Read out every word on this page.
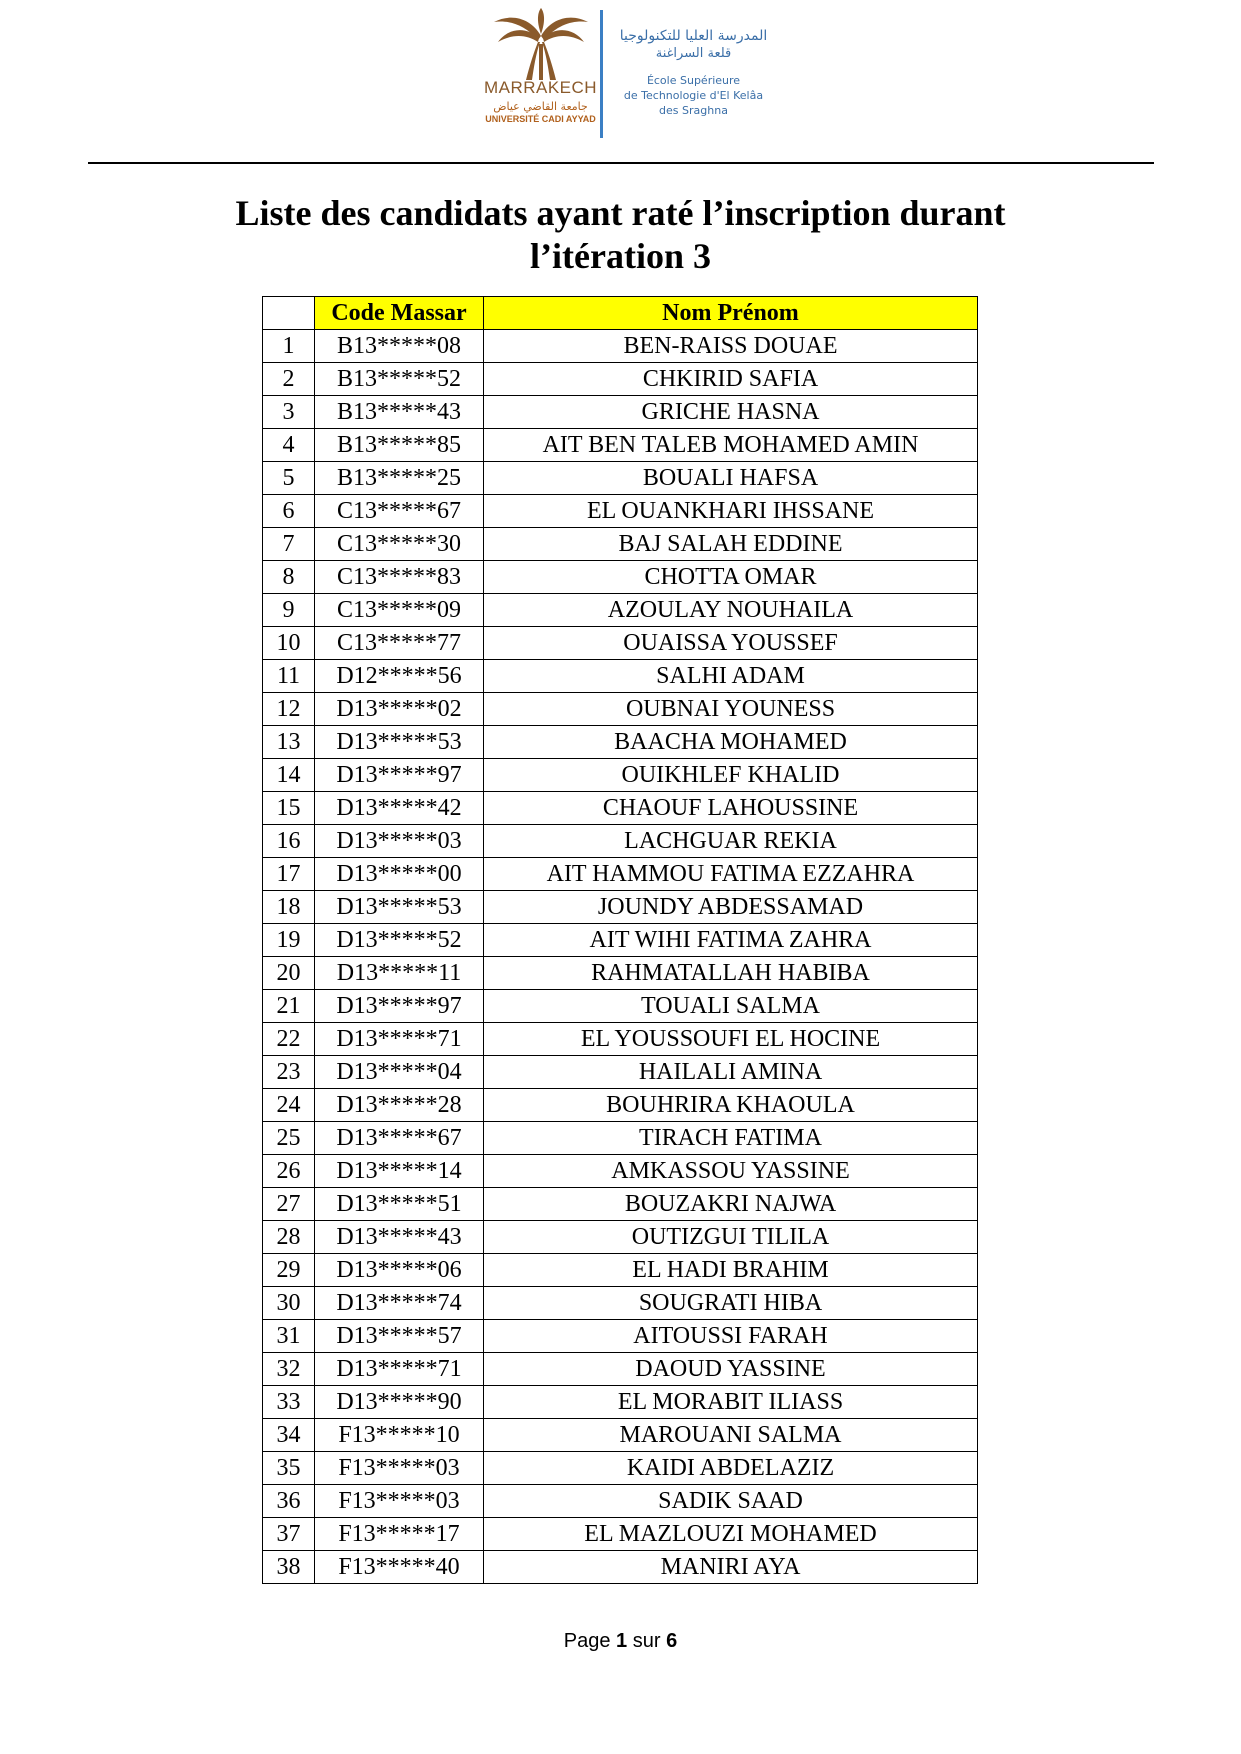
MARRAKECH
جامعة القاضي عياض
UNIVERSITÉ CADI AYYAD
المدرسة العليا للتكنولوجيا
قلعة السراغنة
École Supérieure
de Technologie d'El Kelâa
des Sraghna
Liste des candidats ayant raté l’inscription durant
l’itération 3
	Code Massar	Nom Prénom
1	B13*****08	BEN-RAISS DOUAE
2	B13*****52	CHKIRID SAFIA
3	B13*****43	GRICHE HASNA
4	B13*****85	AIT BEN TALEB MOHAMED AMIN
5	B13*****25	BOUALI HAFSA
6	C13*****67	EL OUANKHARI IHSSANE
7	C13*****30	BAJ SALAH EDDINE
8	C13*****83	CHOTTA OMAR
9	C13*****09	AZOULAY NOUHAILA
10	C13*****77	OUAISSA YOUSSEF
11	D12*****56	SALHI ADAM
12	D13*****02	OUBNAI YOUNESS
13	D13*****53	BAACHA MOHAMED
14	D13*****97	OUIKHLEF KHALID
15	D13*****42	CHAOUF LAHOUSSINE
16	D13*****03	LACHGUAR REKIA
17	D13*****00	AIT HAMMOU FATIMA EZZAHRA
18	D13*****53	JOUNDY ABDESSAMAD
19	D13*****52	AIT WIHI FATIMA ZAHRA
20	D13*****11	RAHMATALLAH HABIBA
21	D13*****97	TOUALI SALMA
22	D13*****71	EL YOUSSOUFI EL HOCINE
23	D13*****04	HAILALI AMINA
24	D13*****28	BOUHRIRA KHAOULA
25	D13*****67	TIRACH FATIMA
26	D13*****14	AMKASSOU YASSINE
27	D13*****51	BOUZAKRI NAJWA
28	D13*****43	OUTIZGUI TILILA
29	D13*****06	EL HADI BRAHIM
30	D13*****74	SOUGRATI HIBA
31	D13*****57	AITOUSSI FARAH
32	D13*****71	DAOUD YASSINE
33	D13*****90	EL MORABIT ILIASS
34	F13*****10	MAROUANI SALMA
35	F13*****03	KAIDI ABDELAZIZ
36	F13*****03	SADIK SAAD
37	F13*****17	EL MAZLOUZI MOHAMED
38	F13*****40	MANIRI AYA
Page 1 sur 6
